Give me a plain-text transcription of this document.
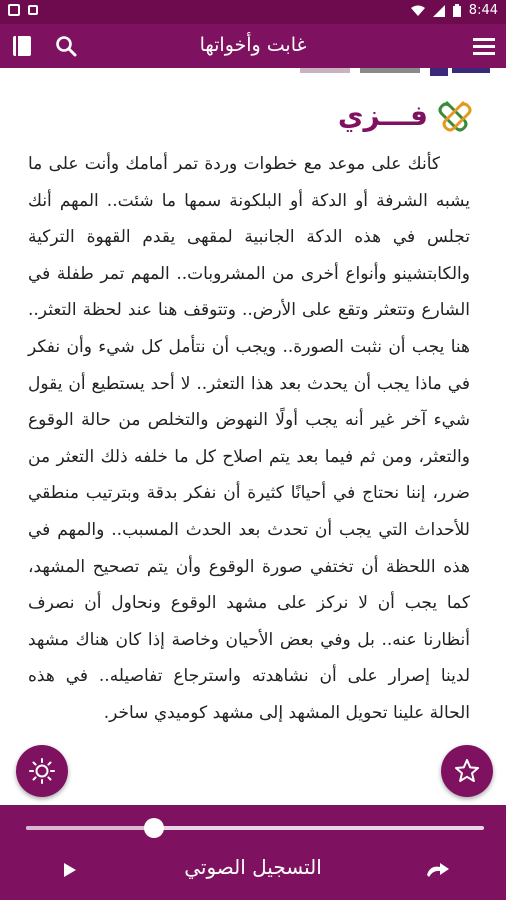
8:44
غابت وأخواتها
فـــزي

كأنك على موعد مع خطوات وردة تمر أمامك وأنت على ما يشبه الشرفة أو الدكة أو البلكونة سمها ما شئت.. المهم أنك تجلس في هذه الدكة الجانبية لمقهى يقدم القهوة التركية والكابتشينو وأنواع أخرى من المشروبات.. المهم تمر طفلة في الشارع وتتعثر وتقع على الأرض.. وتتوقف هنا عند لحظة التعثر.. هنا يجب أن نثبت الصورة.. ويجب أن نتأمل كل شيء وأن نفكر في ماذا يجب أن يحدث بعد هذا التعثر.. لا أحد يستطيع أن يقول شيء آخر غير أنه يجب أولًا النهوض والتخلص من حالة الوقوع والتعثر، ومن ثم فيما بعد يتم اصلاح كل ما خلفه ذلك التعثر من ضرر، إننا نحتاج في أحيانًا كثيرة أن نفكر بدقة وبترتيب منطقي للأحداث التي يجب أن تحدث بعد الحدث المسبب.. والمهم في هذه اللحظة أن تختفي صورة الوقوع وأن يتم تصحيح المشهد، كما يجب أن لا نركز على مشهد الوقوع ونحاول أن نصرف أنظارنا عنه.. بل وفي بعض الأحيان وخاصة إذا كان هناك مشهد لدينا إصرار على أن نشاهدته واسترجاع تفاصيله.. في هذه الحالة علينا تحويل المشهد إلى مشهد كوميدي ساخر.

التسجيل الصوتي
